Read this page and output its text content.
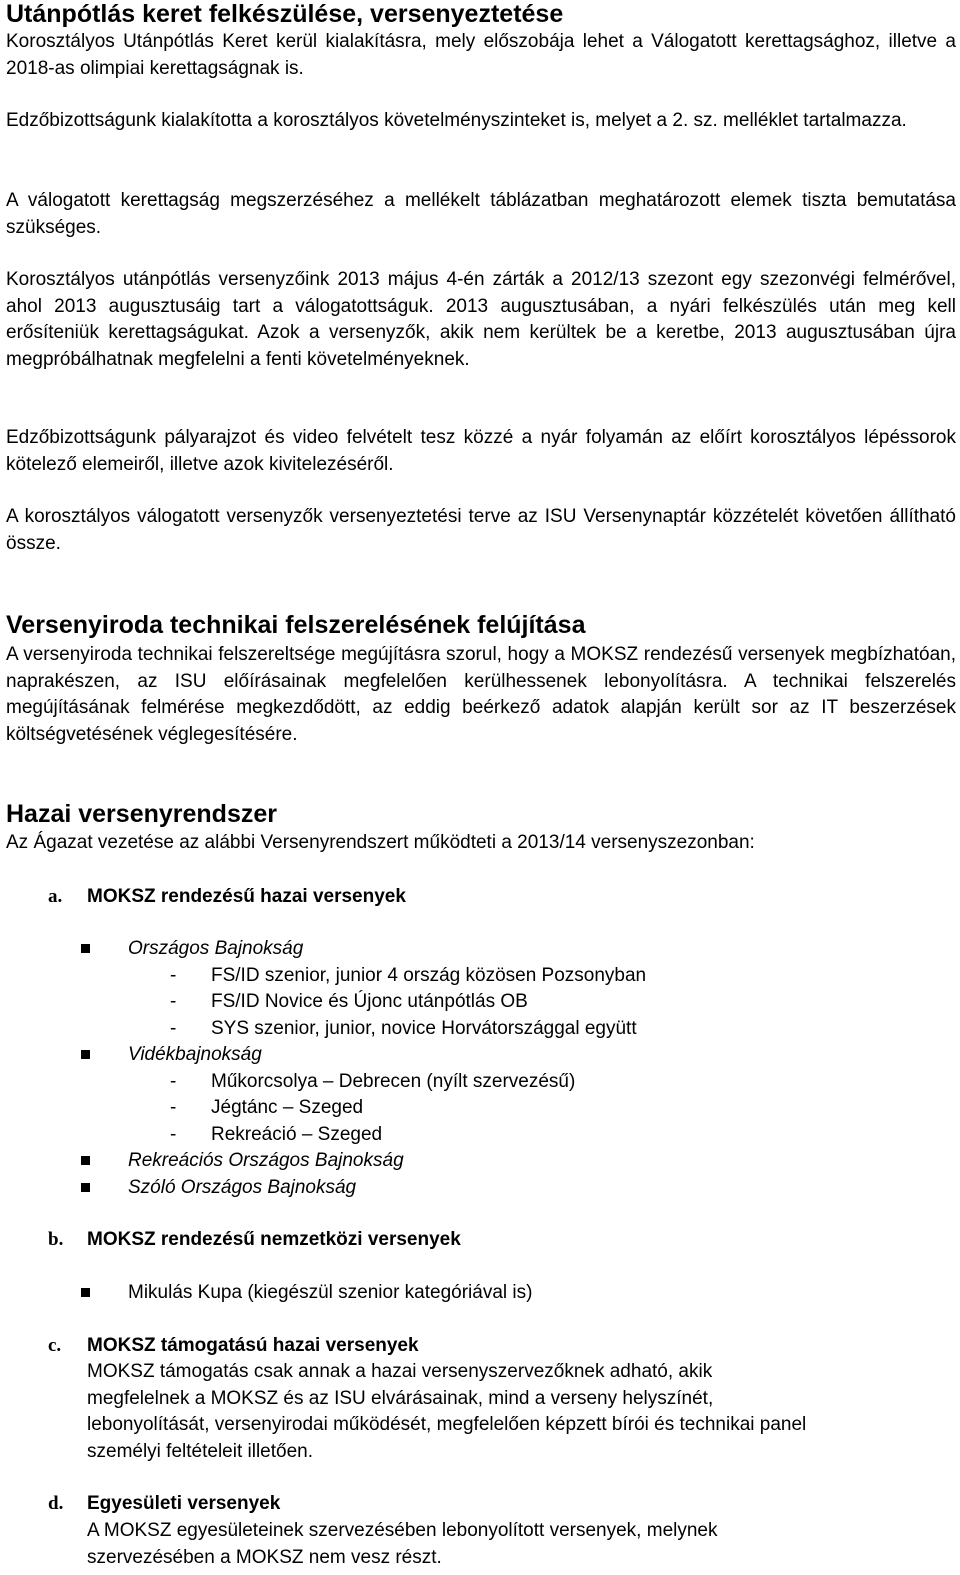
Utánpótlás keret felkészülése, versenyeztetése

Korosztályos Utánpótlás Keret kerül kialakításra, mely előszobája lehet a Válogatott kerettagsághoz, illetve a 2018-as olimpiai kerettagságnak is.

Edzőbizottságunk kialakította a korosztályos követelményszinteket is, melyet a 2. sz. melléklet tartalmazza.

A válogatott kerettagság megszerzéséhez a mellékelt táblázatban meghatározott elemek tiszta bemutatása szükséges.

Korosztályos utánpótlás versenyzőink 2013 május 4-én zárták a 2012/13 szezont egy szezonvégi felmérővel, ahol 2013 augusztusáig tart a válogatottságuk. 2013 augusztusában, a nyári felkészülés után meg kell erősíteniük kerettagságukat. Azok a versenyzők, akik nem kerültek be a keretbe, 2013 augusztusában újra megpróbálhatnak megfelelni a fenti követelményeknek.

Edzőbizottságunk pályarajzot és video felvételt tesz közzé a nyár folyamán az előírt korosztályos lépéssorok kötelező elemeiről, illetve azok kivitelezéséről.

A korosztályos válogatott versenyzők versenyeztetési terve az ISU Versenynaptár közzételét követően állítható össze.

Versenyiroda technikai felszerelésének felújítása

A versenyiroda technikai felszereltsége megújításra szorul, hogy a MOKSZ rendezésű versenyek megbízhatóan, naprakészen, az ISU előírásainak megfelelően kerülhessenek lebonyolításra. A technikai felszerelés megújításának felmérése megkezdődött, az eddig beérkező adatok alapján került sor az IT beszerzések költségvetésének véglegesítésére.

Hazai versenyrendszer

Az Ágazat vezetése az alábbi Versenyrendszert működteti a 2013/14 versenyszezonban:

a. MOKSZ rendezésű hazai versenyek
Országos Bajnokság
- FS/ID szenior, junior 4 ország közösen Pozsonyban
- FS/ID Novice és Újonc utánpótlás OB
- SYS szenior, junior, novice Horvátországgal együtt
Vidékbajnokság
- Műkorcsolya – Debrecen (nyílt szervezésű)
- Jégtánc – Szeged
- Rekreáció – Szeged
Rekreációs Országos Bajnokság
Szóló Országos Bajnokság
b. MOKSZ rendezésű nemzetközi versenyek
Mikulás Kupa (kiegészül szenior kategóriával is)
c. MOKSZ támogatású hazai versenyek
MOKSZ támogatás csak annak a hazai versenyszervezőknek adható, akik
megfelelnek a MOKSZ és az ISU elvárásainak, mind a verseny helyszínét,
lebonyolítását, versenyirodai működését, megfelelően képzett bírói és technikai panel
személyi feltételeit illetően.
d. Egyesületi versenyek
A MOKSZ egyesületeinek szervezésében lebonyolított versenyek, melynek
szervezésében a MOKSZ nem vesz részt.
